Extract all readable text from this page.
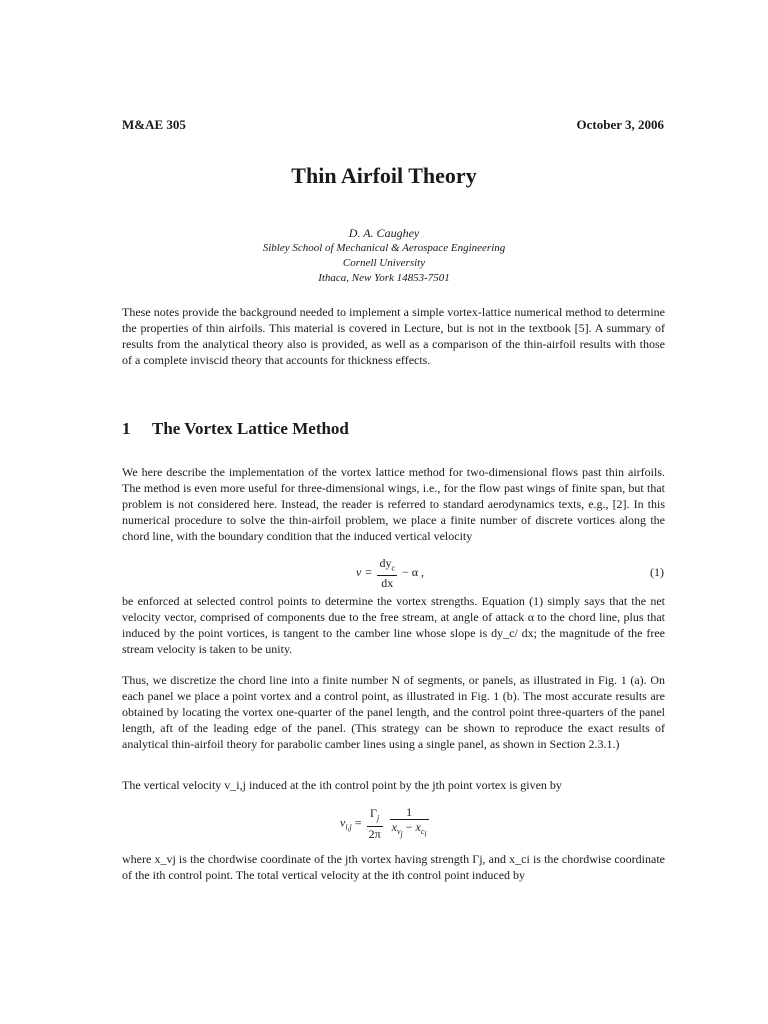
M&AE 305	October 3, 2006
Thin Airfoil Theory
D. A. Caughey
Sibley School of Mechanical & Aerospace Engineering
Cornell University
Ithaca, New York 14853-7501

These notes provide the background needed to implement a simple vortex-lattice numerical method to determine the properties of thin airfoils. This material is covered in Lecture, but is not in the textbook [5]. A summary of results from the analytical theory also is provided, as well as a comparison of the thin-airfoil results with those of a complete inviscid theory that accounts for thickness effects.

1 The Vortex Lattice Method

We here describe the implementation of the vortex lattice method for two-dimensional flows past thin airfoils. The method is even more useful for three-dimensional wings, i.e., for the flow past wings of finite span, but that problem is not considered here. Instead, the reader is referred to standard aerodynamics texts, e.g., [2]. In this numerical procedure to solve the thin-airfoil problem, we place a finite number of discrete vortices along the chord line, with the boundary condition that the induced vertical velocity

$v = \frac{dy_c}{dx} - \alpha$ ,	(1)

be enforced at selected control points to determine the vortex strengths. Equation (1) simply says that the net velocity vector, comprised of components due to the free stream, at angle of attack α to the chord line, plus that induced by the point vortices, is tangent to the camber line whose slope is dy_c/ dx; the magnitude of the free stream velocity is taken to be unity.

Thus, we discretize the chord line into a finite number N of segments, or panels, as illustrated in Fig. 1 (a). On each panel we place a point vortex and a control point, as illustrated in Fig. 1 (b). The most accurate results are obtained by locating the vortex one-quarter of the panel length, and the control point three-quarters of the panel length, aft of the leading edge of the panel. (This strategy can be shown to reproduce the exact results of analytical thin-airfoil theory for parabolic camber lines using a single panel, as shown in Section 2.3.1.)

The vertical velocity v_i,j induced at the ith control point by the jth point vortex is given by

$v_{i,j} = \frac{\Gamma_j}{2\pi}$
$\frac{1}{x_{v_j} - x_{c_i}}$

where x_vj is the chordwise coordinate of the jth vortex having strength Γj, and x_ci is the chordwise coordinate of the ith control point. The total vertical velocity at the ith control point induced by
